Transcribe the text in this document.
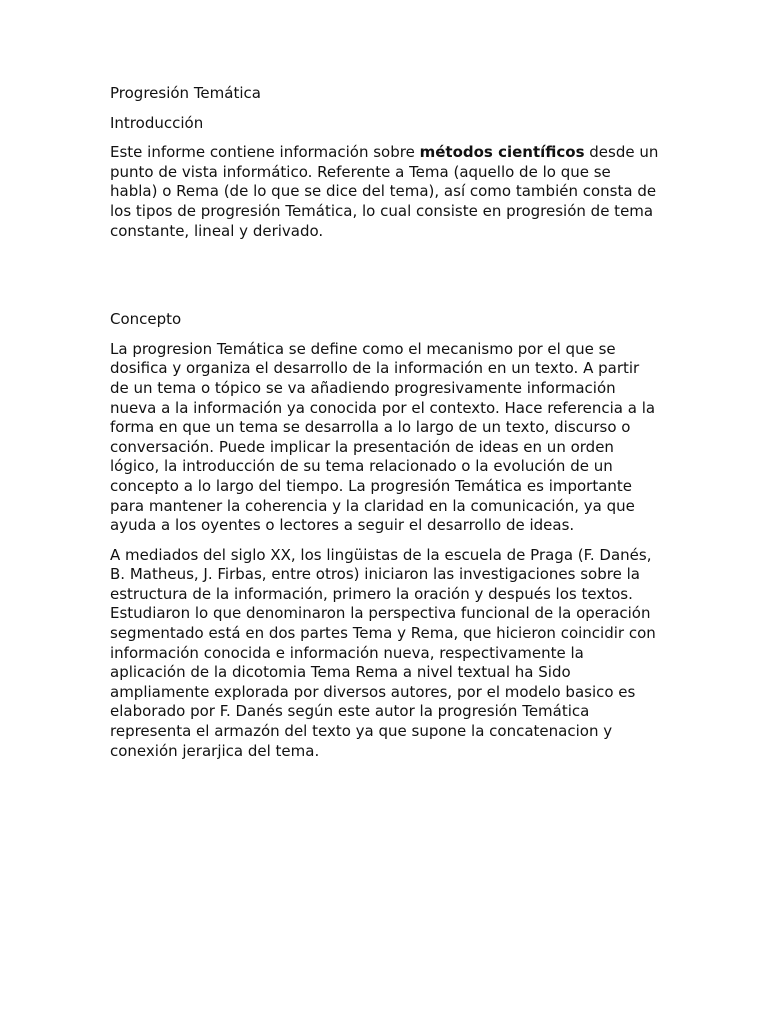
Progresión Temática

Introducción

Este informe contiene información sobre métodos científicos desde un punto de vista informático. Referente a Tema (aquello de lo que se habla) o Rema (de lo que se dice del tema), así como también consta de los tipos de progresión Temática, lo cual consiste en progresión de tema constante, lineal y derivado.

Concepto

La progresion Temática se define como el mecanismo por el que se dosifica y organiza el desarrollo de la información en un texto. A partir de un tema o tópico se va añadiendo progresivamente información nueva a la información ya conocida por el contexto. Hace referencia a la forma en que un tema se desarrolla a lo largo de un texto, discurso o conversación. Puede implicar la presentación de ideas en un orden lógico, la introducción de su tema relacionado o la evolución de un concepto a lo largo del tiempo. La progresión Temática es importante para mantener la coherencia y la claridad en la comunicación, ya que ayuda a los oyentes o lectores a seguir el desarrollo de ideas.

A mediados del siglo XX, los lingüistas de la escuela de Praga (F. Danés, B. Matheus, J. Firbas, entre otros) iniciaron las investigaciones sobre la estructura de la información, primero la oración y después los textos. Estudiaron lo que denominaron la perspectiva funcional de la operación segmentado está en dos partes Tema y Rema, que hicieron coincidir con información conocida e información nueva, respectivamente la aplicación de la dicotomia Tema Rema a nivel textual ha Sido ampliamente explorada por diversos autores, por el modelo basico es elaborado por F. Danés según este autor la progresión Temática representa el armazón del texto ya que supone la concatenacion y conexión jerarjica del tema.
